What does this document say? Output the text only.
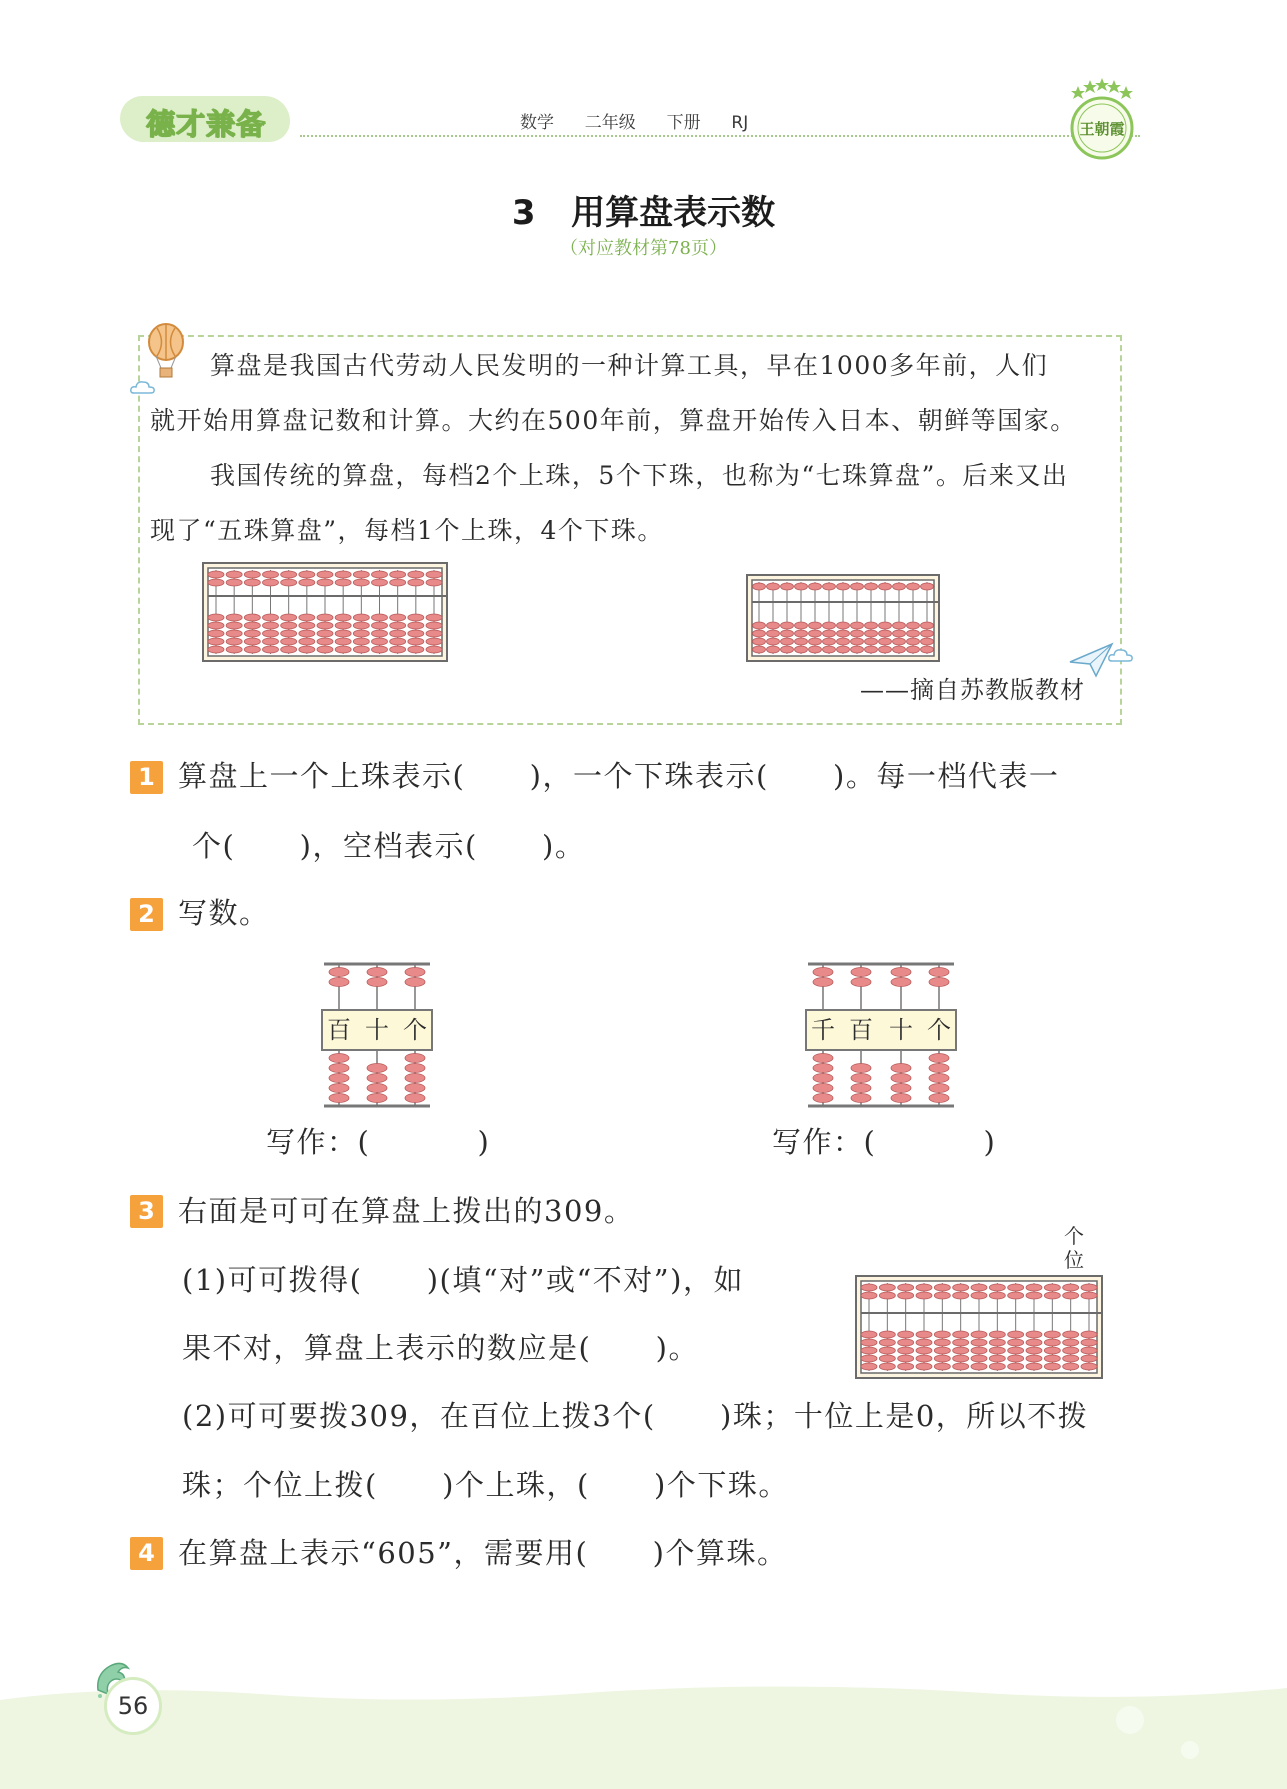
德才兼备	数学  二年级  下册  RJ	王朝霞
3   用算盘表示数
（对应教材第78页）
算盘是我国古代劳动人民发明的一种计算工具，早在1000多年前，人们
就开始用算盘记数和计算。大约在500年前，算盘开始传入日本、朝鲜等国家。
我国传统的算盘，每档2个上珠，5个下珠，也称为“七珠算盘”。后来又出
现了“五珠算盘”，每档1个上珠，4个下珠。
——摘自苏教版教材
1 算盘上一个上珠表示(      )，一个下珠表示(      )。每一档代表一
个(      )，空档表示(      )。
2 写数。
百 十 个	千 百 十 个
写作：(          )	写作：(          )
3 右面是可可在算盘上拨出的309。
(1)可可拨得(      )(填“对”或“不对”)，如
果不对，算盘上表示的数应是(      )。
(2)可可要拨309，在百位上拨3个(      )珠；十位上是0，所以不拨
珠；个位上拨(      )个上珠，(      )个下珠。
个位
4 在算盘上表示“605”，需要用(      )个算珠。
56
